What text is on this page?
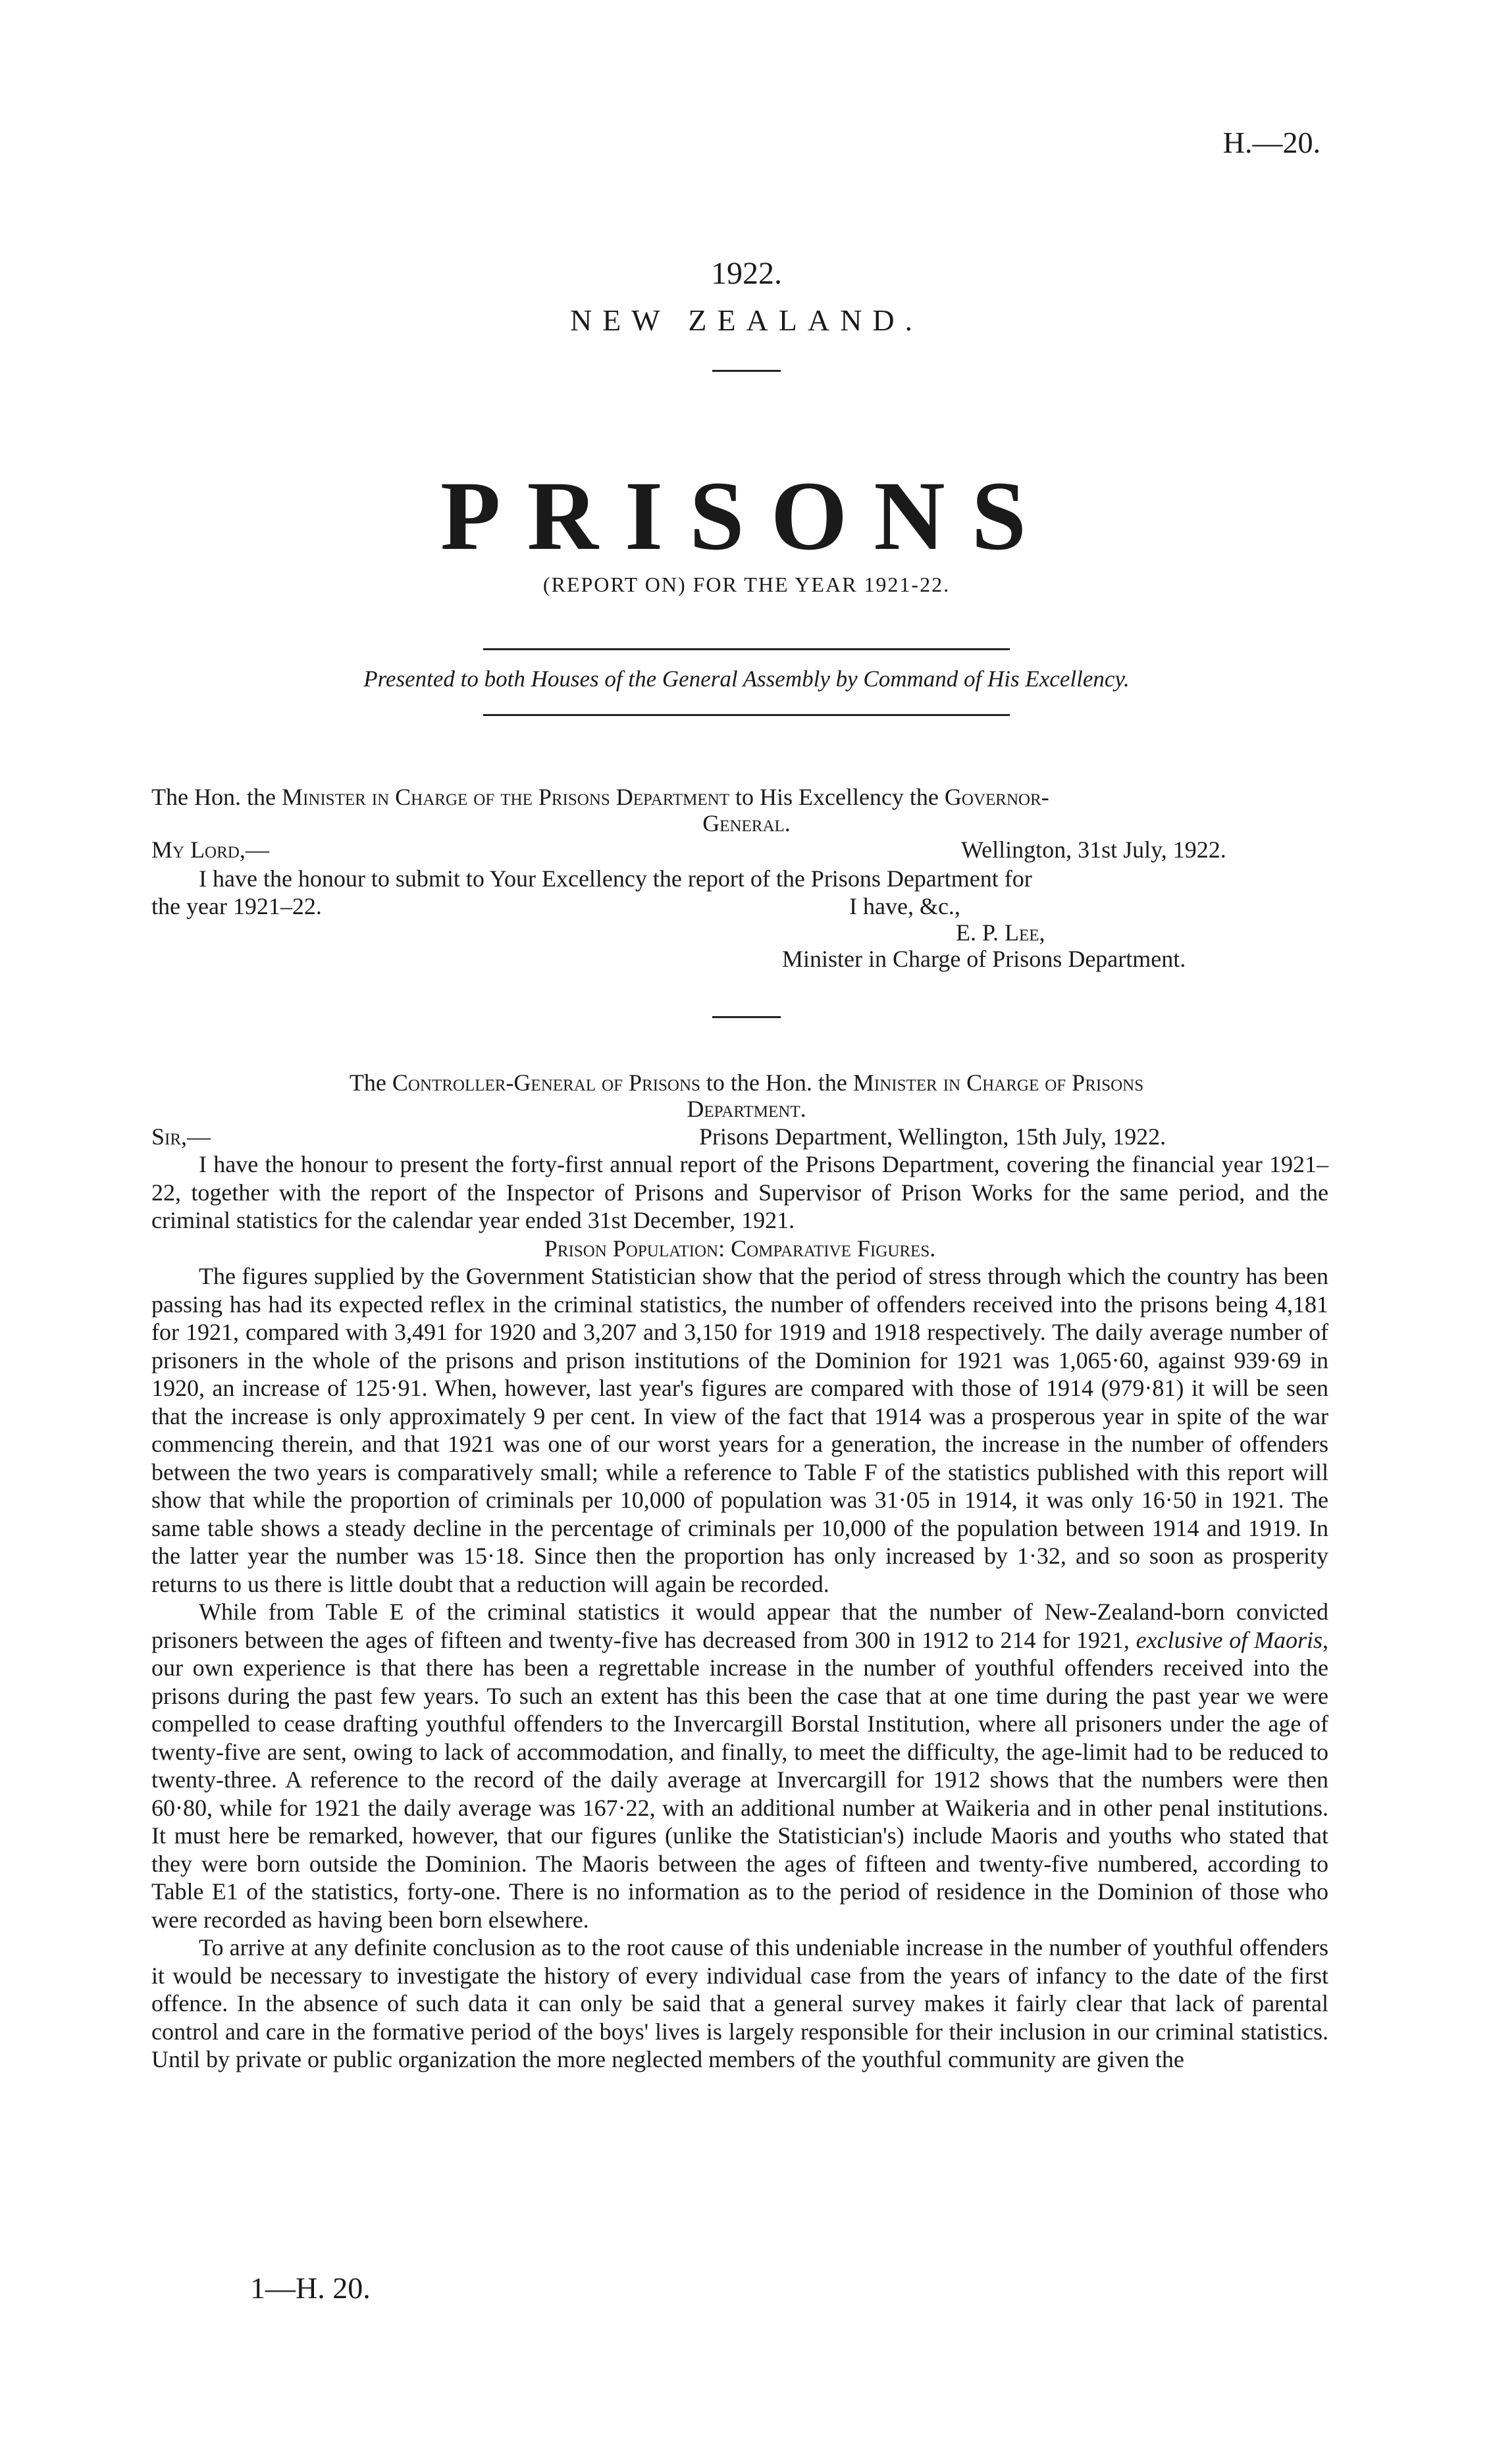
H.—20.
1922.
NEW ZEALAND.
PRISONS
(REPORT ON) FOR THE YEAR 1921-22.
Presented to both Houses of the General Assembly by Command of His Excellency.
The Hon. the Minister in Charge of the Prisons Department to His Excellency the Governor-
General.
My Lord,—	Wellington, 31st July, 1922.
I have the honour to submit to Your Excellency the report of the Prisons Department for
the year 1921–22.	I have, &c.,
E. P. Lee,
Minister in Charge of Prisons Department.
The Controller-General of Prisons to the Hon. the Minister in Charge of Prisons
Department.
Sir,—	Prisons Department, Wellington, 15th July, 1922.

I have the honour to present the forty-first annual report of the Prisons Department, covering the financial year 1921–22, together with the report of the Inspector of Prisons and Supervisor of Prison Works for the same period, and the criminal statistics for the calendar year ended 31st December, 1921.

Prison Population: Comparative Figures.

The figures supplied by the Government Statistician show that the period of stress through which the country has been passing has had its expected reflex in the criminal statistics, the number of offenders received into the prisons being 4,181 for 1921, compared with 3,491 for 1920 and 3,207 and 3,150 for 1919 and 1918 respectively. The daily average number of prisoners in the whole of the prisons and prison institutions of the Dominion for 1921 was 1,065·60, against 939·69 in 1920, an increase of 125·91. When, however, last year's figures are compared with those of 1914 (979·81) it will be seen that the increase is only approximately 9 per cent. In view of the fact that 1914 was a prosperous year in spite of the war commencing therein, and that 1921 was one of our worst years for a generation, the increase in the number of offenders between the two years is comparatively small; while a reference to Table F of the statistics published with this report will show that while the proportion of criminals per 10,000 of population was 31·05 in 1914, it was only 16·50 in 1921. The same table shows a steady decline in the percentage of criminals per 10,000 of the population between 1914 and 1919. In the latter year the number was 15·18. Since then the proportion has only increased by 1·32, and so soon as prosperity returns to us there is little doubt that a reduction will again be recorded.

While from Table E of the criminal statistics it would appear that the number of New-Zealand-born convicted prisoners between the ages of fifteen and twenty-five has decreased from 300 in 1912 to 214 for 1921, exclusive of Maoris, our own experience is that there has been a regrettable increase in the number of youthful offenders received into the prisons during the past few years. To such an extent has this been the case that at one time during the past year we were compelled to cease drafting youthful offenders to the Invercargill Borstal Institution, where all prisoners under the age of twenty-five are sent, owing to lack of accommodation, and finally, to meet the difficulty, the age-limit had to be reduced to twenty-three. A reference to the record of the daily average at Invercargill for 1912 shows that the numbers were then 60·80, while for 1921 the daily average was 167·22, with an additional number at Waikeria and in other penal institutions. It must here be remarked, however, that our figures (unlike the Statistician's) include Maoris and youths who stated that they were born outside the Dominion. The Maoris between the ages of fifteen and twenty-five numbered, according to Table E1 of the statistics, forty-one. There is no information as to the period of residence in the Dominion of those who were recorded as having been born elsewhere.

To arrive at any definite conclusion as to the root cause of this undeniable increase in the number of youthful offenders it would be necessary to investigate the history of every individual case from the years of infancy to the date of the first offence. In the absence of such data it can only be said that a general survey makes it fairly clear that lack of parental control and care in the formative period of the boys' lives is largely responsible for their inclusion in our criminal statistics. Until by private or public organization the more neglected members of the youthful community are given the

1—H. 20.
